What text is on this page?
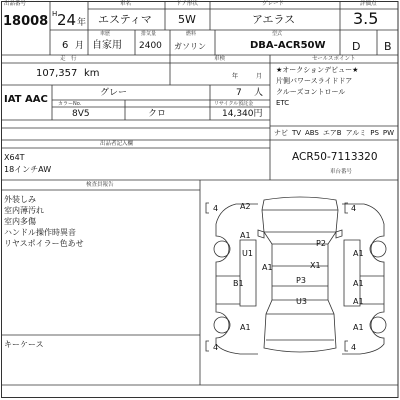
出品番号
18008 H 24 年
車名	ドア形状	グレード	評価点
エスティマ 5W	アエラス	3.5
6 月
車歴
自家用
排気量
2400
燃料
ガソリン
型式
DBA-ACR50W D B
走　行	車検
107,357 km	年	月
IAT AAC
グレー	7 人
カラーNo.	リサイクル預託金
8V5	クロ	14,340円
出品者記入欄
X64T
18インチAW
セールスポイント
★オークションデビュー★
片側パワースライドドア
クルーズコントロール
ETC
ナビ TV ABS エアB アルミ PS PW
ACR50-7113320
車台番号
検査員報告
外装しみ
室内薄汚れ
室内多傷
ハンドル操作時異音
リヤスポイラー色あせ
キーケース
4	4
4	4
A2
A1
U1
A1
P2
X1
A1
P3
B1	A1
U3	A1
A1	A1
